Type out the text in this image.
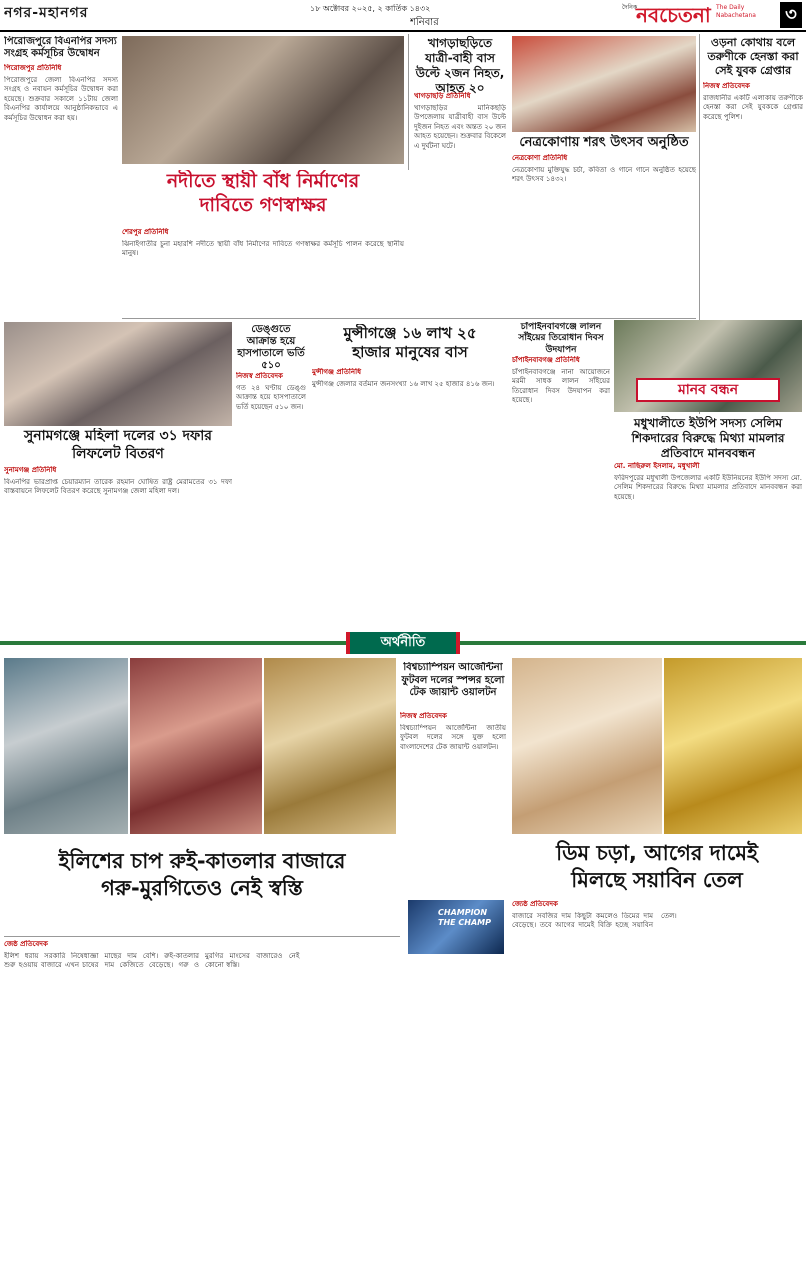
নগর-মহানগর	১৮ অক্টোবর ২০২৫, ২ কার্তিক ১৪৩২
শনিবার
দৈনিক
নবচেতনা The Daily Nabachetana	৩
পিরোজপুরে বিএনপির সদস্য সংগ্রহ কর্মসূচির উদ্বোধন
পিরোজপুর প্রতিনিধি
পিরোজপুরে জেলা বিএনপির সদস্য সংগ্রহ ও নবায়ন কর্মসূচির উদ্বোধন করা হয়েছে। শুক্রবার সকালে ১১টায় জেলা বিএনপির কার্যালয়ে আনুষ্ঠানিকভাবে এ কর্মসূচির উদ্বোধন করা হয়।
খাগড়াছড়িতে যাত্রী-বাহী বাস উল্টে ২জন নিহত, আহত ২০
খাগড়াছড়ি প্রতিনিধি
খাগড়াছড়ির মানিকছড়ি উপজেলায় যাত্রীবাহী বাস উল্টে দুইজন নিহত এবং অন্তত ২০ জন আহত হয়েছেন। শুক্রবার বিকেলে এ দুর্ঘটনা ঘটে।	নেত্রকোণায় শরৎ উৎসব অনুষ্ঠিত
ওড়না কোথায় বলে তরুণীকে হেনস্তা করা সেই যুবক গ্রেপ্তার
নিজস্ব প্রতিবেদক
রাজধানীর একটি এলাকায় তরুণীকে হেনস্তা করা সেই যুবককে গ্রেপ্তার করেছে পুলিশ।
নদীতে স্থায়ী বাঁধ নির্মাণের
দাবিতে গণস্বাক্ষর
শেরপুর প্রতিনিধি
ঝিনাইগাতীর চুনা মহারশি নদীতে স্থায়ী বাঁধ নির্মাণের দাবিতে গণস্বাক্ষর কর্মসূচি পালন করেছে স্থানীয় মানুষ।
নেত্রকোণা প্রতিনিধি
নেত্রকোণায় মুক্তিযুদ্ধ চর্চা, কবিতা ও গানে গানে অনুষ্ঠিত হয়েছে শরৎ উৎসব ১৪৩২।
সুনামগঞ্জে মহিলা দলের ৩১ দফার লিফলেট বিতরণ
সুনামগঞ্জ প্রতিনিধি
বিএনপির ভারপ্রাপ্ত চেয়ারম্যান তারেক রহমান ঘোষিত রাষ্ট্র মেরামতের ৩১ দফা বাস্তবায়নে লিফলেট বিতরণ করেছে সুনামগঞ্জ জেলা মহিলা দল।
ডেঙ্গুতে আক্রান্ত হয়ে হাসপাতালে ভর্তি ৫১০
নিজস্ব প্রতিবেদক
গত ২৪ ঘণ্টায় ডেঙ্গু আক্রান্ত হয়ে হাসপাতালে ভর্তি হয়েছেন ৫১০ জন।
মুন্সীগঞ্জে ১৬ লাখ ২৫
হাজার মানুষের বাস
মুন্সীগঞ্জ প্রতিনিধি
মুন্সীগঞ্জ জেলার বর্তমান জনসংখ্যা ১৬ লাখ ২৫ হাজার ৪১৬ জন।
চাঁপাইনবাবগঞ্জে লালন সাঁইয়ের তিরোধান দিবস উদযাপন
চাঁপাইনবাবগঞ্জ প্রতিনিধি
চাঁপাইনবাবগঞ্জে নানা আয়োজনে মরমী সাধক লালন সাঁইয়ের তিরোধান দিবস উদযাপন করা হয়েছে।
মানব বন্ধন
মধুখালীতে ইউপি সদস্য সেলিম শিকদারের বিরুদ্ধে মিথ্যা মামলার প্রতিবাদে মানববন্ধন
মো. নাছিরুল ইসলাম, মধুখালী
ফরিদপুরের মধুখালী উপজেলার একটি ইউনিয়নের ইউপি সদস্য মো. সেলিম শিকদারের বিরুদ্ধে মিথ্যা মামলার প্রতিবাদে মানববন্ধন করা হয়েছে।
অর্থনীতি
বিশ্বচ্যাম্পিয়ন আর্জেন্টিনা ফুটবল দলের স্পন্সর হলো টেক জায়ান্ট ওয়ালটন
নিজস্ব প্রতিবেদক
বিশ্বচ্যাম্পিয়ন আর্জেন্টিনা জাতীয় ফুটবল দলের সঙ্গে যুক্ত হলো বাংলাদেশের টেক জায়ান্ট ওয়ালটন।
CHAMPION THE CHAMP
ডিম চড়া, আগের দামেই
মিলছে সয়াবিন তেল
ইলিশের চাপ রুই-কাতলার বাজারে
গরু-মুরগিতেও নেই স্বস্তি
জেষ্ঠ প্রতিবেদক
ইলিশ ধরায় সরকারি নিষেধাজ্ঞা শুরু হওয়ায় বাজারে এখন চাষের মাছের দাম বেশি। রুই-কাতলার দাম কেজিতে বেড়েছে। গরু ও মুরগির মাংসের বাজারেও নেই কোনো স্বস্তি।
জ্যেষ্ঠ প্রতিবেদক
বাজারে সবজির দাম কিছুটা কমলেও ডিমের দাম বেড়েছে। তবে আগের দামেই বিক্রি হচ্ছে সয়াবিন তেল।
